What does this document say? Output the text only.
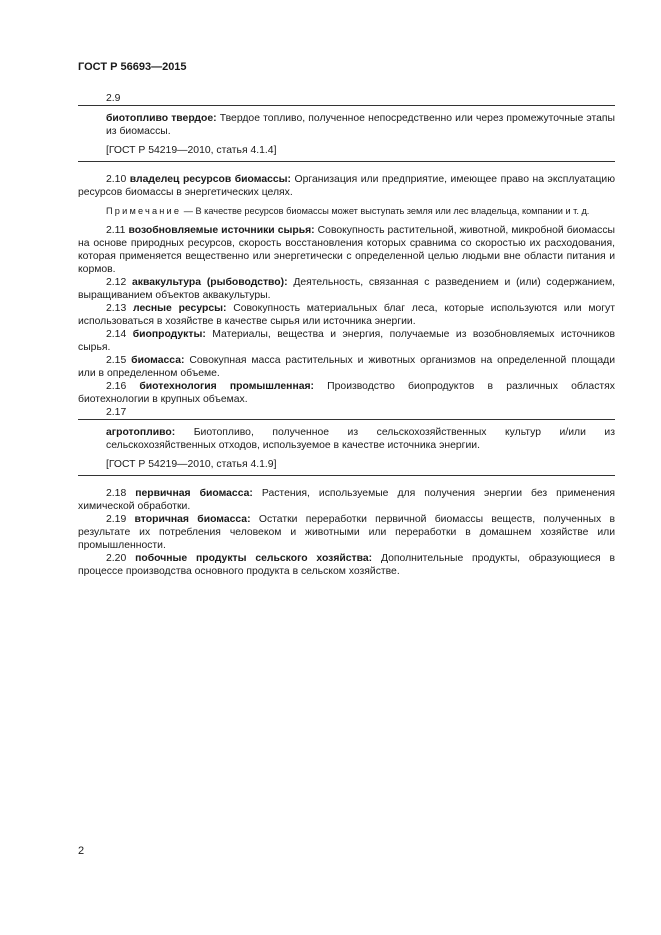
ГОСТ Р 56693—2015
2.9

биотопливо твердое: Твердое топливо, полученное непосредственно или через промежуточные этапы из биомассы.

[ГОСТ Р 54219—2010, статья 4.1.4]

2.10 владелец ресурсов биомассы: Организация или предприятие, имеющее право на эксплуатацию ресурсов биомассы в энергетических целях.

Примечание — В качестве ресурсов биомассы может выступать земля или лес владельца, компании и т. д.

2.11 возобновляемые источники сырья: Совокупность растительной, животной, микробной биомассы на основе природных ресурсов, скорость восстановления которых сравнима со скоростью их расходования, которая применяется вещественно или энергетически с определенной целью людьми вне области питания и кормов.

2.12 аквакультура (рыбоводство): Деятельность, связанная с разведением и (или) содержанием, выращиванием объектов аквакультуры.

2.13 лесные ресурсы: Совокупность материальных благ леса, которые используются или могут использоваться в хозяйстве в качестве сырья или источника энергии.

2.14 биопродукты: Материалы, вещества и энергия, получаемые из возобновляемых источников сырья.

2.15 биомасса: Совокупная масса растительных и животных организмов на определенной площади или в определенном объеме.

2.16 биотехнология промышленная: Производство биопродуктов в различных областях биотехнологии в крупных объемах.

2.17

агротопливо: Биотопливо, полученное из сельскохозяйственных культур и/или из сельскохозяйственных отходов, используемое в качестве источника энергии.

[ГОСТ Р 54219—2010, статья 4.1.9]

2.18 первичная биомасса: Растения, используемые для получения энергии без применения химической обработки.

2.19 вторичная биомасса: Остатки переработки первичной биомассы веществ, полученных в результате их потребления человеком и животными или переработки в домашнем хозяйстве или промышленности.

2.20 побочные продукты сельского хозяйства: Дополнительные продукты, образующиеся в процессе производства основного продукта в сельском хозяйстве.

2
